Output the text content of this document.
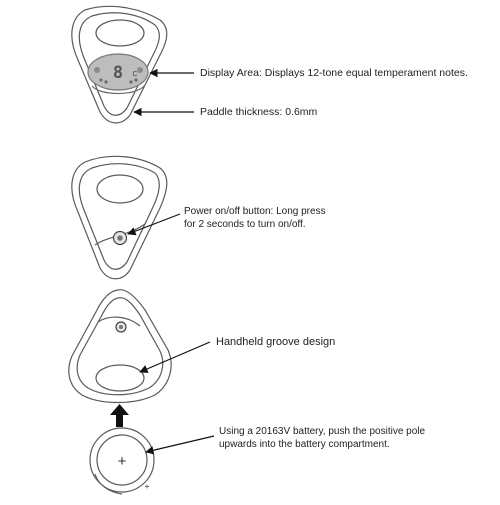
8 C
+
+
Display Area: Displays 12-tone equal temperament notes.
Paddle thickness: 0.6mm
Power on/off button: Long press
for 2 seconds to turn on/off.
Handheld groove design
Using a 20163V battery, push the positive pole
upwards into the battery compartment.
